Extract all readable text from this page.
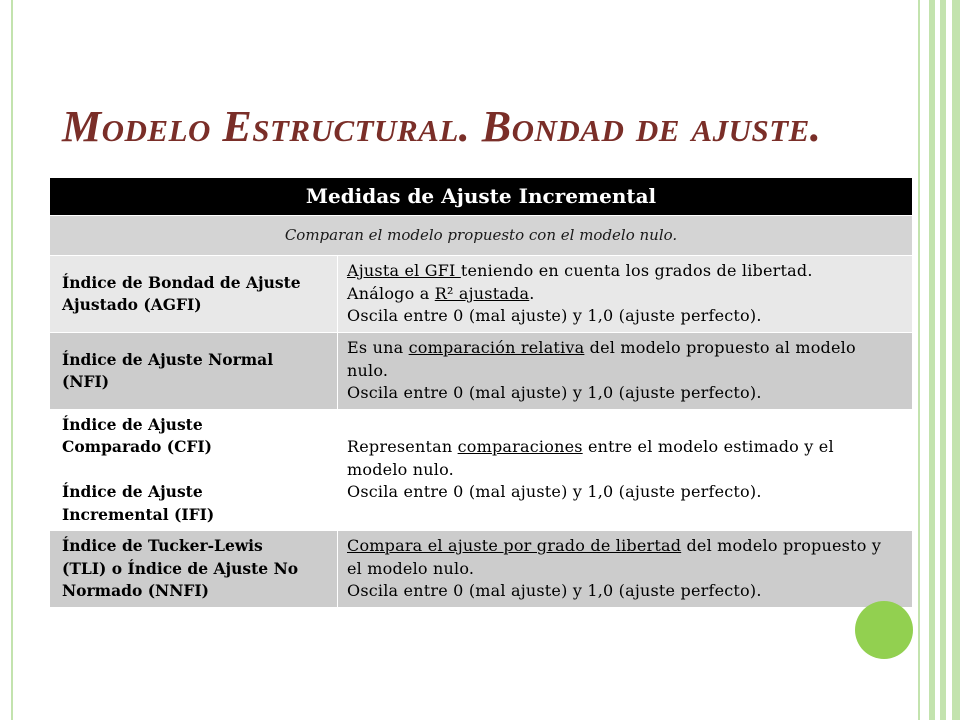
Modelo Estructural. Bondad de ajuste.
Medidas de Ajuste Incremental
Comparan el modelo propuesto con el modelo nulo.
Índice de Bondad de Ajuste
Ajustado (AGFI)
Ajusta el GFI teniendo en cuenta los grados de libertad.
Análogo a R² ajustada.
Oscila entre 0 (mal ajuste) y 1,0 (ajuste perfecto).
Índice de Ajuste Normal
(NFI)
Es una comparación relativa del modelo propuesto al modelo
nulo.
Oscila entre 0 (mal ajuste) y 1,0 (ajuste perfecto).
Índice de Ajuste
Comparado (CFI)
Índice de Ajuste
Incremental (IFI)
Representan comparaciones entre el modelo estimado y el
modelo nulo.
Oscila entre 0 (mal ajuste) y 1,0 (ajuste perfecto).
Índice de Tucker-Lewis
(TLI) o Índice de Ajuste No
Normado (NNFI)
Compara el ajuste por grado de libertad del modelo propuesto y
el modelo nulo.
Oscila entre 0 (mal ajuste) y 1,0 (ajuste perfecto).
